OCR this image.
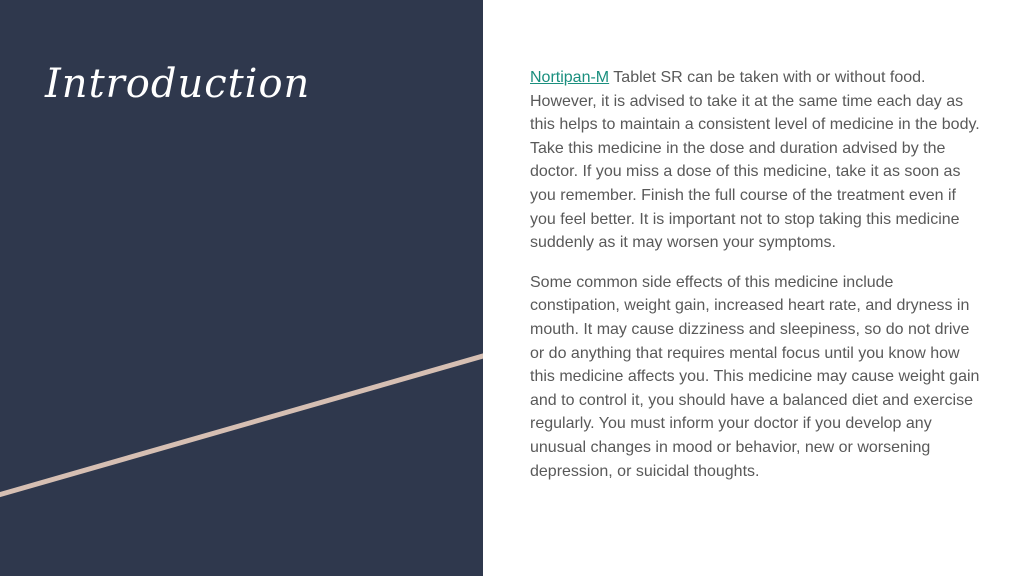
Introduction	Nortipan-M Tablet SR can be taken with or without food. However, it is advised to take it at the same time each day as this helps to maintain a consistent level of medicine in the body. Take this medicine in the dose and duration advised by the doctor. If you miss a dose of this medicine, take it as soon as you remember. Finish the full course of the treatment even if you feel better. It is important not to stop taking this medicine suddenly as it may worsen your symptoms.

Some common side effects of this medicine include constipation, weight gain, increased heart rate, and dryness in mouth. It may cause dizziness and sleepiness, so do not drive or do anything that requires mental focus until you know how this medicine affects you. This medicine may cause weight gain and to control it, you should have a balanced diet and exercise regularly. You must inform your doctor if you develop any unusual changes in mood or behavior, new or worsening depression, or suicidal thoughts.
